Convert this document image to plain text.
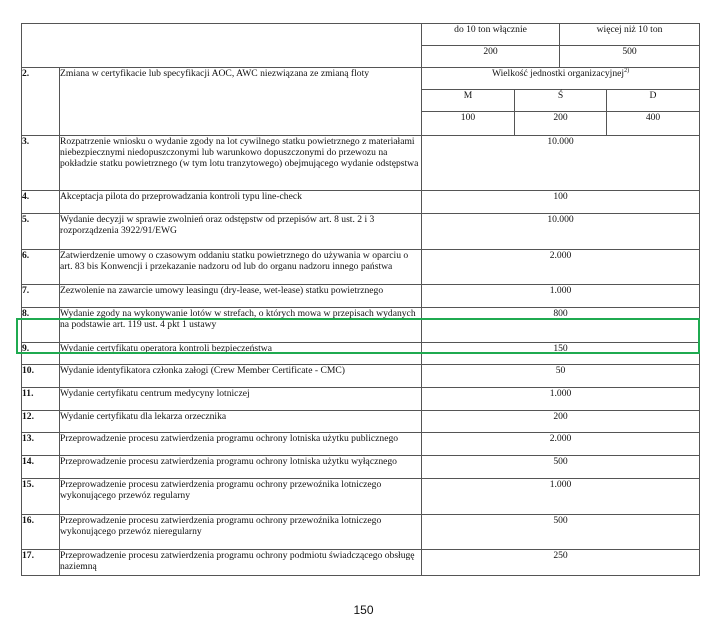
		do 10 ton włącznie		więcej niż 10 ton	
		200		500	
2.	Zmiana w certyfikacie lub specyfikacji AOC, AWC niezwiązana ze zmianą floty	Wielkość jednostki organizacyjnej$^{2)}$
		M	Ś		D
		100	200		400
3.	Rozpatrzenie wniosku o wydanie zgody na lot cywilnego statku powietrznego z materiałami niebezpiecznymi niedopuszczonymi lub warunkowo dopuszczonymi do przewozu na pokładzie statku powietrznego (w tym lotu tranzytowego) obejmującego wydanie odstępstwa	10.000			
4.	Akceptacja pilota do przeprowadzania kontroli typu line-check	100			
5.	Wydanie decyzji w sprawie zwolnień oraz odstępstw od przepisów art. 8 ust. 2 i 3 rozporządzenia 3922/91/EWG	10.000			
6.	Zatwierdzenie umowy o czasowym oddaniu statku powietrznego do używania w oparciu o art. 83 bis Konwencji i przekazanie nadzoru od lub do organu nadzoru innego państwa	2.000			
7.	Zezwolenie na zawarcie umowy leasingu (dry-lease, wet-lease) statku powietrznego	1.000			
8.	Wydanie zgody na wykonywanie lotów w strefach, o których mowa w przepisach wydanych na podstawie art. 119 ust. 4 pkt 1 ustawy	800			
9.	Wydanie certyfikatu operatora kontroli bezpieczeństwa	150			
10.	Wydanie identyfikatora członka załogi (Crew Member Certificate - CMC)	50			
11.	Wydanie certyfikatu centrum medycyny lotniczej	1.000			
12.	Wydanie certyfikatu dla lekarza orzecznika	200			
13.	Przeprowadzenie procesu zatwierdzenia programu ochrony lotniska użytku publicznego	2.000			
14.	Przeprowadzenie procesu zatwierdzenia programu ochrony lotniska użytku wyłącznego	500			
15.	Przeprowadzenie procesu zatwierdzenia programu ochrony przewoźnika lotniczego wykonującego przewóz regularny	1.000			
16.	Przeprowadzenie procesu zatwierdzenia programu ochrony przewoźnika lotniczego wykonującego przewóz nieregularny	500			
17.	Przeprowadzenie procesu zatwierdzenia programu ochrony podmiotu świadczącego obsługę naziemną	250			
150
